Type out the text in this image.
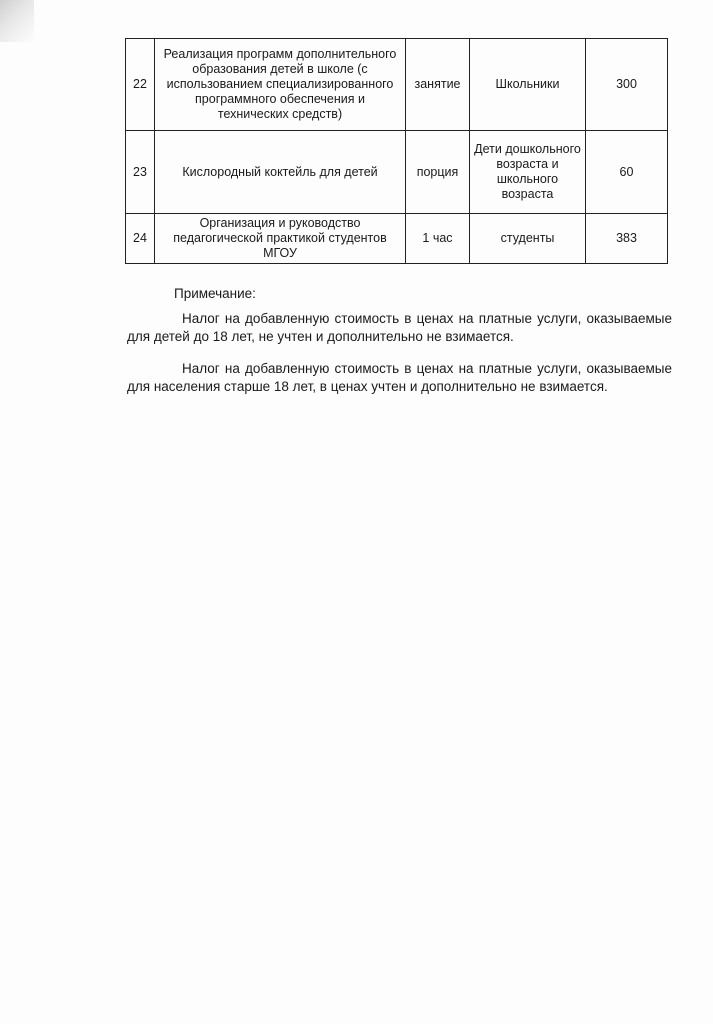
22	Реализация программ дополнительного образования детей в школе (с использованием специализированного программного обеспечения и технических средств)	занятие	Школьники	300
23	Кислородный коктейль для детей	порция	Дети дошкольного возраста и школьного возраста	60
24	Организация и руководство педагогической практикой студентов МГОУ	1 час	студенты	383

Примечание:

Налог на добавленную стоимость в ценах на платные услуги, оказываемые для детей до 18 лет, не учтен и дополнительно не взимается.

Налог на добавленную стоимость в ценах на платные услуги, оказываемые для населения старше 18 лет, в ценах учтен и дополнительно не взимается.
